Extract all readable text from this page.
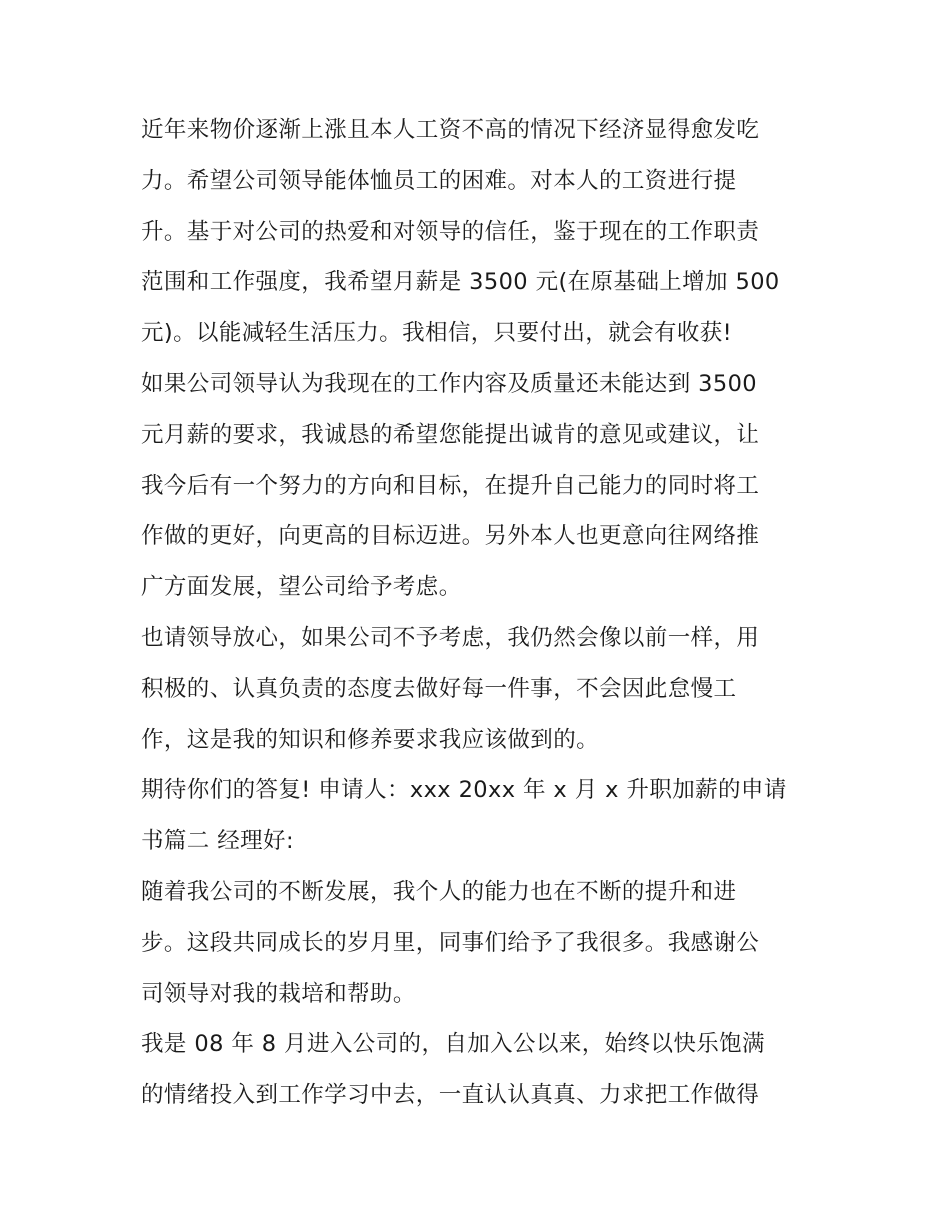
近年来物价逐渐上涨且本人工资不高的情况下经济显得愈发吃
力。希望公司领导能体恤员工的困难。对本人的工资进行提
升。基于对公司的热爱和对领导的信任，鉴于现在的工作职责
范围和工作强度，我希望月薪是 3500 元(在原基础上增加 500
元)。以能减轻生活压力。我相信，只要付出，就会有收获!
如果公司领导认为我现在的工作内容及质量还未能达到 3500
元月薪的要求，我诚恳的希望您能提出诚肯的意见或建议，让
我今后有一个努力的方向和目标，在提升自己能力的同时将工
作做的更好，向更高的目标迈进。另外本人也更意向往网络推
广方面发展，望公司给予考虑。
也请领导放心，如果公司不予考虑，我仍然会像以前一样，用
积极的、认真负责的态度去做好每一件事，不会因此怠慢工
作，这是我的知识和修养要求我应该做到的。
期待你们的答复! 申请人：xxx 20xx 年 x 月 x 升职加薪的申请
书篇二 经理好:
随着我公司的不断发展，我个人的能力也在不断的提升和进
步。这段共同成长的岁月里，同事们给予了我很多。我感谢公
司领导对我的栽培和帮助。
我是 08 年 8 月进入公司的，自加入公以来，始终以快乐饱满
的情绪投入到工作学习中去，一直认认真真、力求把工作做得
